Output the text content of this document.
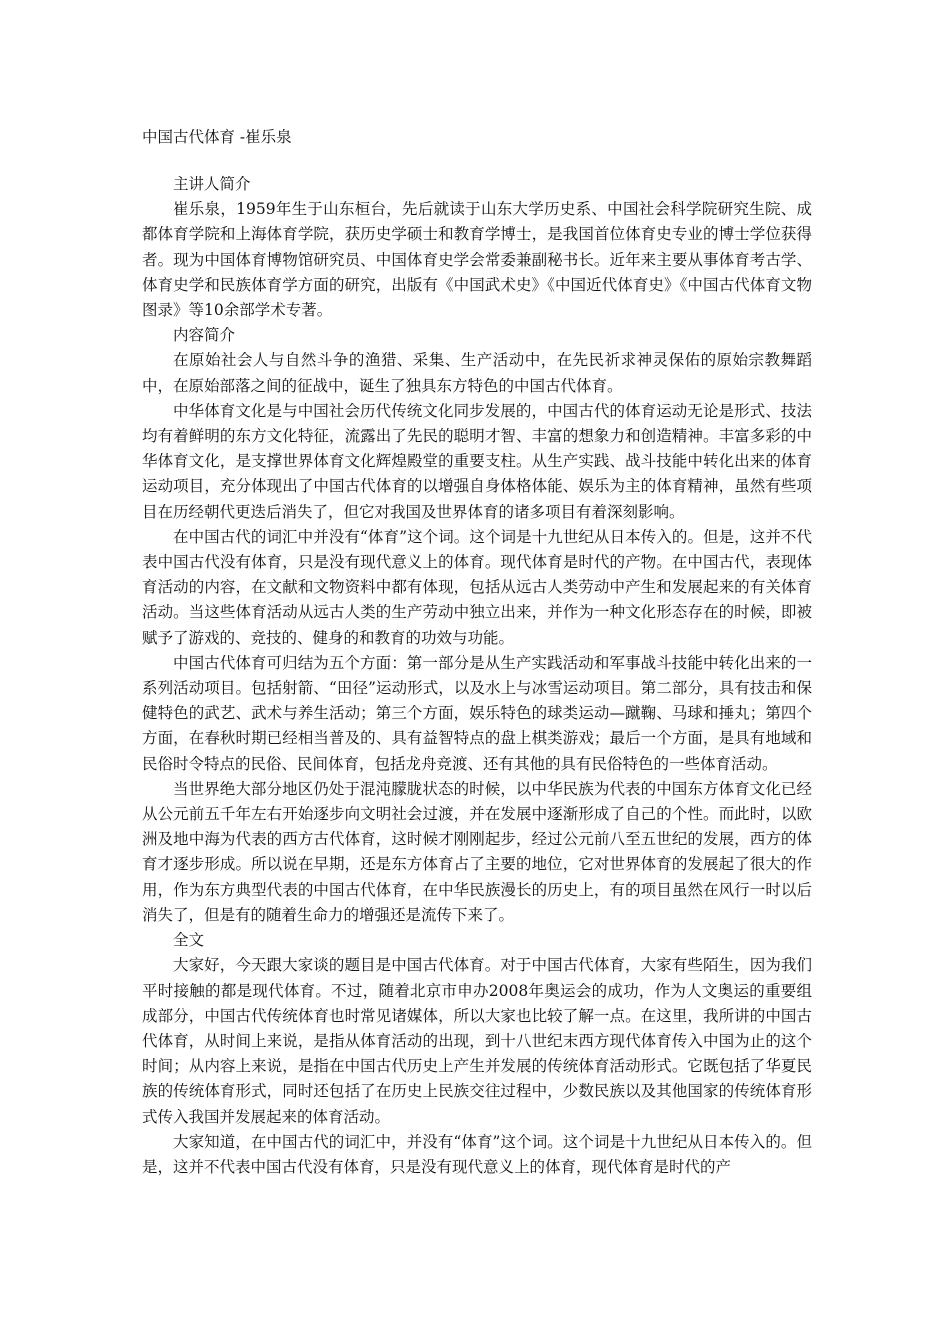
中国古代体育 -崔乐泉

主讲人简介

崔乐泉，1959年生于山东桓台，先后就读于山东大学历史系、中国社会科学院研究生院、成都体育学院和上海体育学院，获历史学硕士和教育学博士，是我国首位体育史专业的博士学位获得者。现为中国体育博物馆研究员、中国体育史学会常委兼副秘书长。近年来主要从事体育考古学、体育史学和民族体育学方面的研究，出版有《中国武术史》《中国近代体育史》《中国古代体育文物图录》等10余部学术专著。

内容简介

在原始社会人与自然斗争的渔猎、采集、生产活动中，在先民祈求神灵保佑的原始宗教舞蹈中，在原始部落之间的征战中，诞生了独具东方特色的中国古代体育。

中华体育文化是与中国社会历代传统文化同步发展的，中国古代的体育运动无论是形式、技法均有着鲜明的东方文化特征，流露出了先民的聪明才智、丰富的想象力和创造精神。丰富多彩的中华体育文化，是支撑世界体育文化辉煌殿堂的重要支柱。从生产实践、战斗技能中转化出来的体育运动项目，充分体现出了中国古代体育的以增强自身体格体能、娱乐为主的体育精神，虽然有些项目在历经朝代更迭后消失了，但它对我国及世界体育的诸多项目有着深刻影响。

在中国古代的词汇中并没有“体育”这个词。这个词是十九世纪从日本传入的。但是，这并不代表中国古代没有体育，只是没有现代意义上的体育。现代体育是时代的产物。在中国古代，表现体育活动的内容，在文献和文物资料中都有体现，包括从远古人类劳动中产生和发展起来的有关体育活动。当这些体育活动从远古人类的生产劳动中独立出来，并作为一种文化形态存在的时候，即被赋予了游戏的、竞技的、健身的和教育的功效与功能。

中国古代体育可归结为五个方面：第一部分是从生产实践活动和军事战斗技能中转化出来的一系列活动项目。包括射箭、“田径”运动形式，以及水上与冰雪运动项目。第二部分，具有技击和保健特色的武艺、武术与养生活动；第三个方面，娱乐特色的球类运动—蹴鞠、马球和捶丸；第四个方面，在春秋时期已经相当普及的、具有益智特点的盘上棋类游戏；最后一个方面，是具有地域和民俗时令特点的民俗、民间体育，包括龙舟竞渡、还有其他的具有民俗特色的一些体育活动。

当世界绝大部分地区仍处于混沌朦胧状态的时候，以中华民族为代表的中国东方体育文化已经从公元前五千年左右开始逐步向文明社会过渡，并在发展中逐渐形成了自己的个性。而此时，以欧洲及地中海为代表的西方古代体育，这时候才刚刚起步，经过公元前八至五世纪的发展，西方的体育才逐步形成。所以说在早期，还是东方体育占了主要的地位，它对世界体育的发展起了很大的作用，作为东方典型代表的中国古代体育，在中华民族漫长的历史上，有的项目虽然在风行一时以后消失了，但是有的随着生命力的增强还是流传下来了。

全文

大家好，今天跟大家谈的题目是中国古代体育。对于中国古代体育，大家有些陌生，因为我们平时接触的都是现代体育。不过，随着北京市申办2008年奥运会的成功，作为人文奥运的重要组成部分，中国古代传统体育也时常见诸媒体，所以大家也比较了解一点。在这里，我所讲的中国古代体育，从时间上来说，是指从体育活动的出现，到十八世纪末西方现代体育传入中国为止的这个时间；从内容上来说，是指在中国古代历史上产生并发展的传统体育活动形式。它既包括了华夏民族的传统体育形式，同时还包括了在历史上民族交往过程中，少数民族以及其他国家的传统体育形式传入我国并发展起来的体育活动。

大家知道，在中国古代的词汇中，并没有“体育”这个词。这个词是十九世纪从日本传入的。但是，这并不代表中国古代没有体育，只是没有现代意义上的体育，现代体育是时代的产
